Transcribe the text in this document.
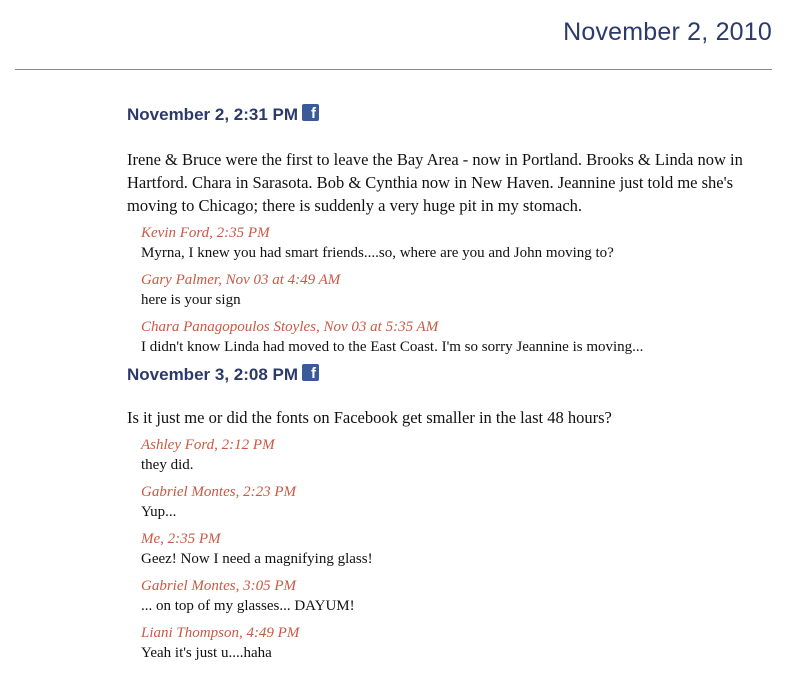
November 2, 2010
November 2, 2:31 PM f
Irene & Bruce were the first to leave the Bay Area - now in Portland. Brooks & Linda now in Hartford. Chara in Sarasota. Bob & Cynthia now in New Haven. Jeannine just told me she's moving to Chicago; there is suddenly a very huge pit in my stomach.
Kevin Ford, 2:35 PM
Myrna, I knew you had smart friends....so, where are you and John moving to?
Gary Palmer, Nov 03 at 4:49 AM
here is your sign
Chara Panagopoulos Stoyles, Nov 03 at 5:35 AM
I didn't know Linda had moved to the East Coast. I'm so sorry Jeannine is moving...
November 3, 2:08 PM f
Is it just me or did the fonts on Facebook get smaller in the last 48 hours?
Ashley Ford, 2:12 PM
they did.
Gabriel Montes, 2:23 PM
Yup...
Me, 2:35 PM
Geez! Now I need a magnifying glass!
Gabriel Montes, 3:05 PM
... on top of my glasses... DAYUM!
Liani Thompson, 4:49 PM
Yeah it's just u....haha
